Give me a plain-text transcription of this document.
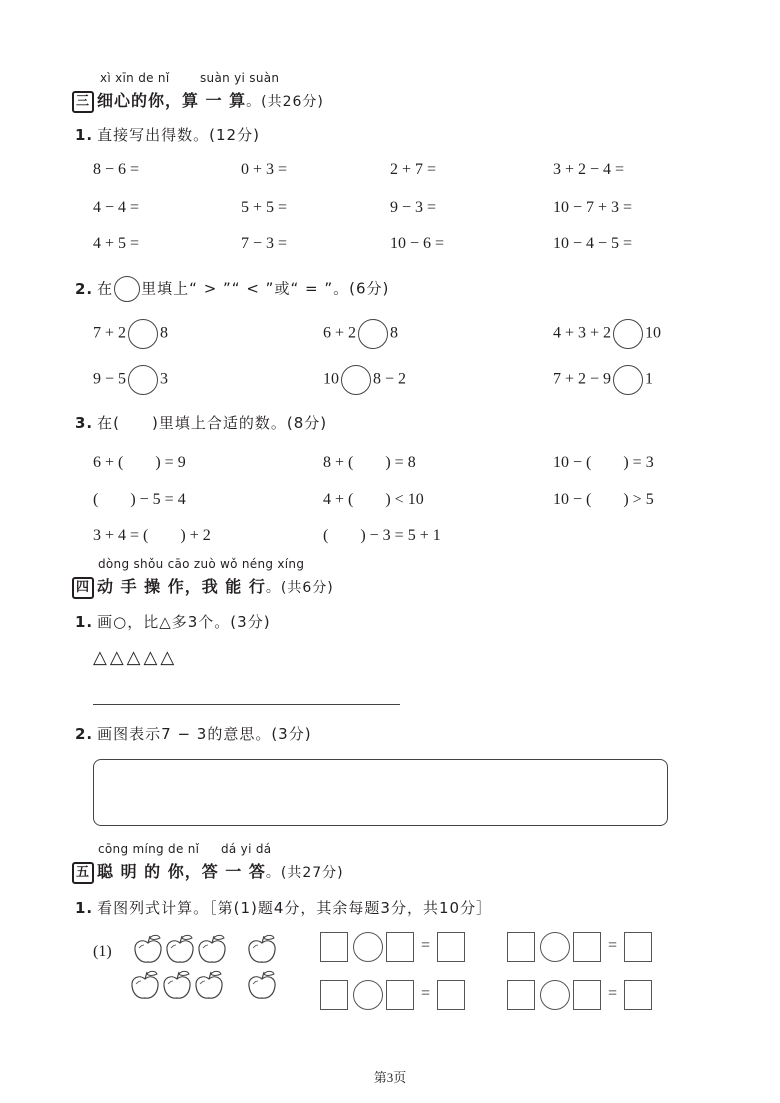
xì xīn de nǐ	suàn yi suàn
三 细心的你，算 一 算。(共26分)
1. 直接写出得数。(12分)
8 − 6 =	0 + 3 =	2 + 7 =	3 + 2 − 4 =
4 − 4 =	5 + 5 =	9 − 3 =	10 − 7 + 3 =
4 + 5 =	7 − 3 =	10 − 6 =	10 − 4 − 5 =
2. 在 里填上“ > ”“ < ”或“ = ”。(6分)
7 + 2 8	6 + 2 8	4 + 3 + 2 10
9 − 5 3	10 8 − 2	7 + 2 − 9 1
3. 在(　　)里填上合适的数。(8分)
6 + (　　) = 9	8 + (　　) = 8	10 − (　　) = 3
(　　) − 5 = 4	4 + (　　) < 10	10 − (　　) > 5
3 + 4 = (　　) + 2	(　　) − 3 = 5 + 1
dòng shǒu cāo zuò wǒ néng xíng
四 动 手 操 作，我 能 行。(共6分)
1. 画○，比△多3个。(3分)
△△△△△
2. 画图表示7 − 3的意思。(3分)
cōng míng de nǐ dá yi dá
五 聪 明 的 你，答 一 答。(共27分)
1. 看图列式计算。［第(1)题4分，其余每题3分，共10分］
(1)	=	=
=	=
第3页
